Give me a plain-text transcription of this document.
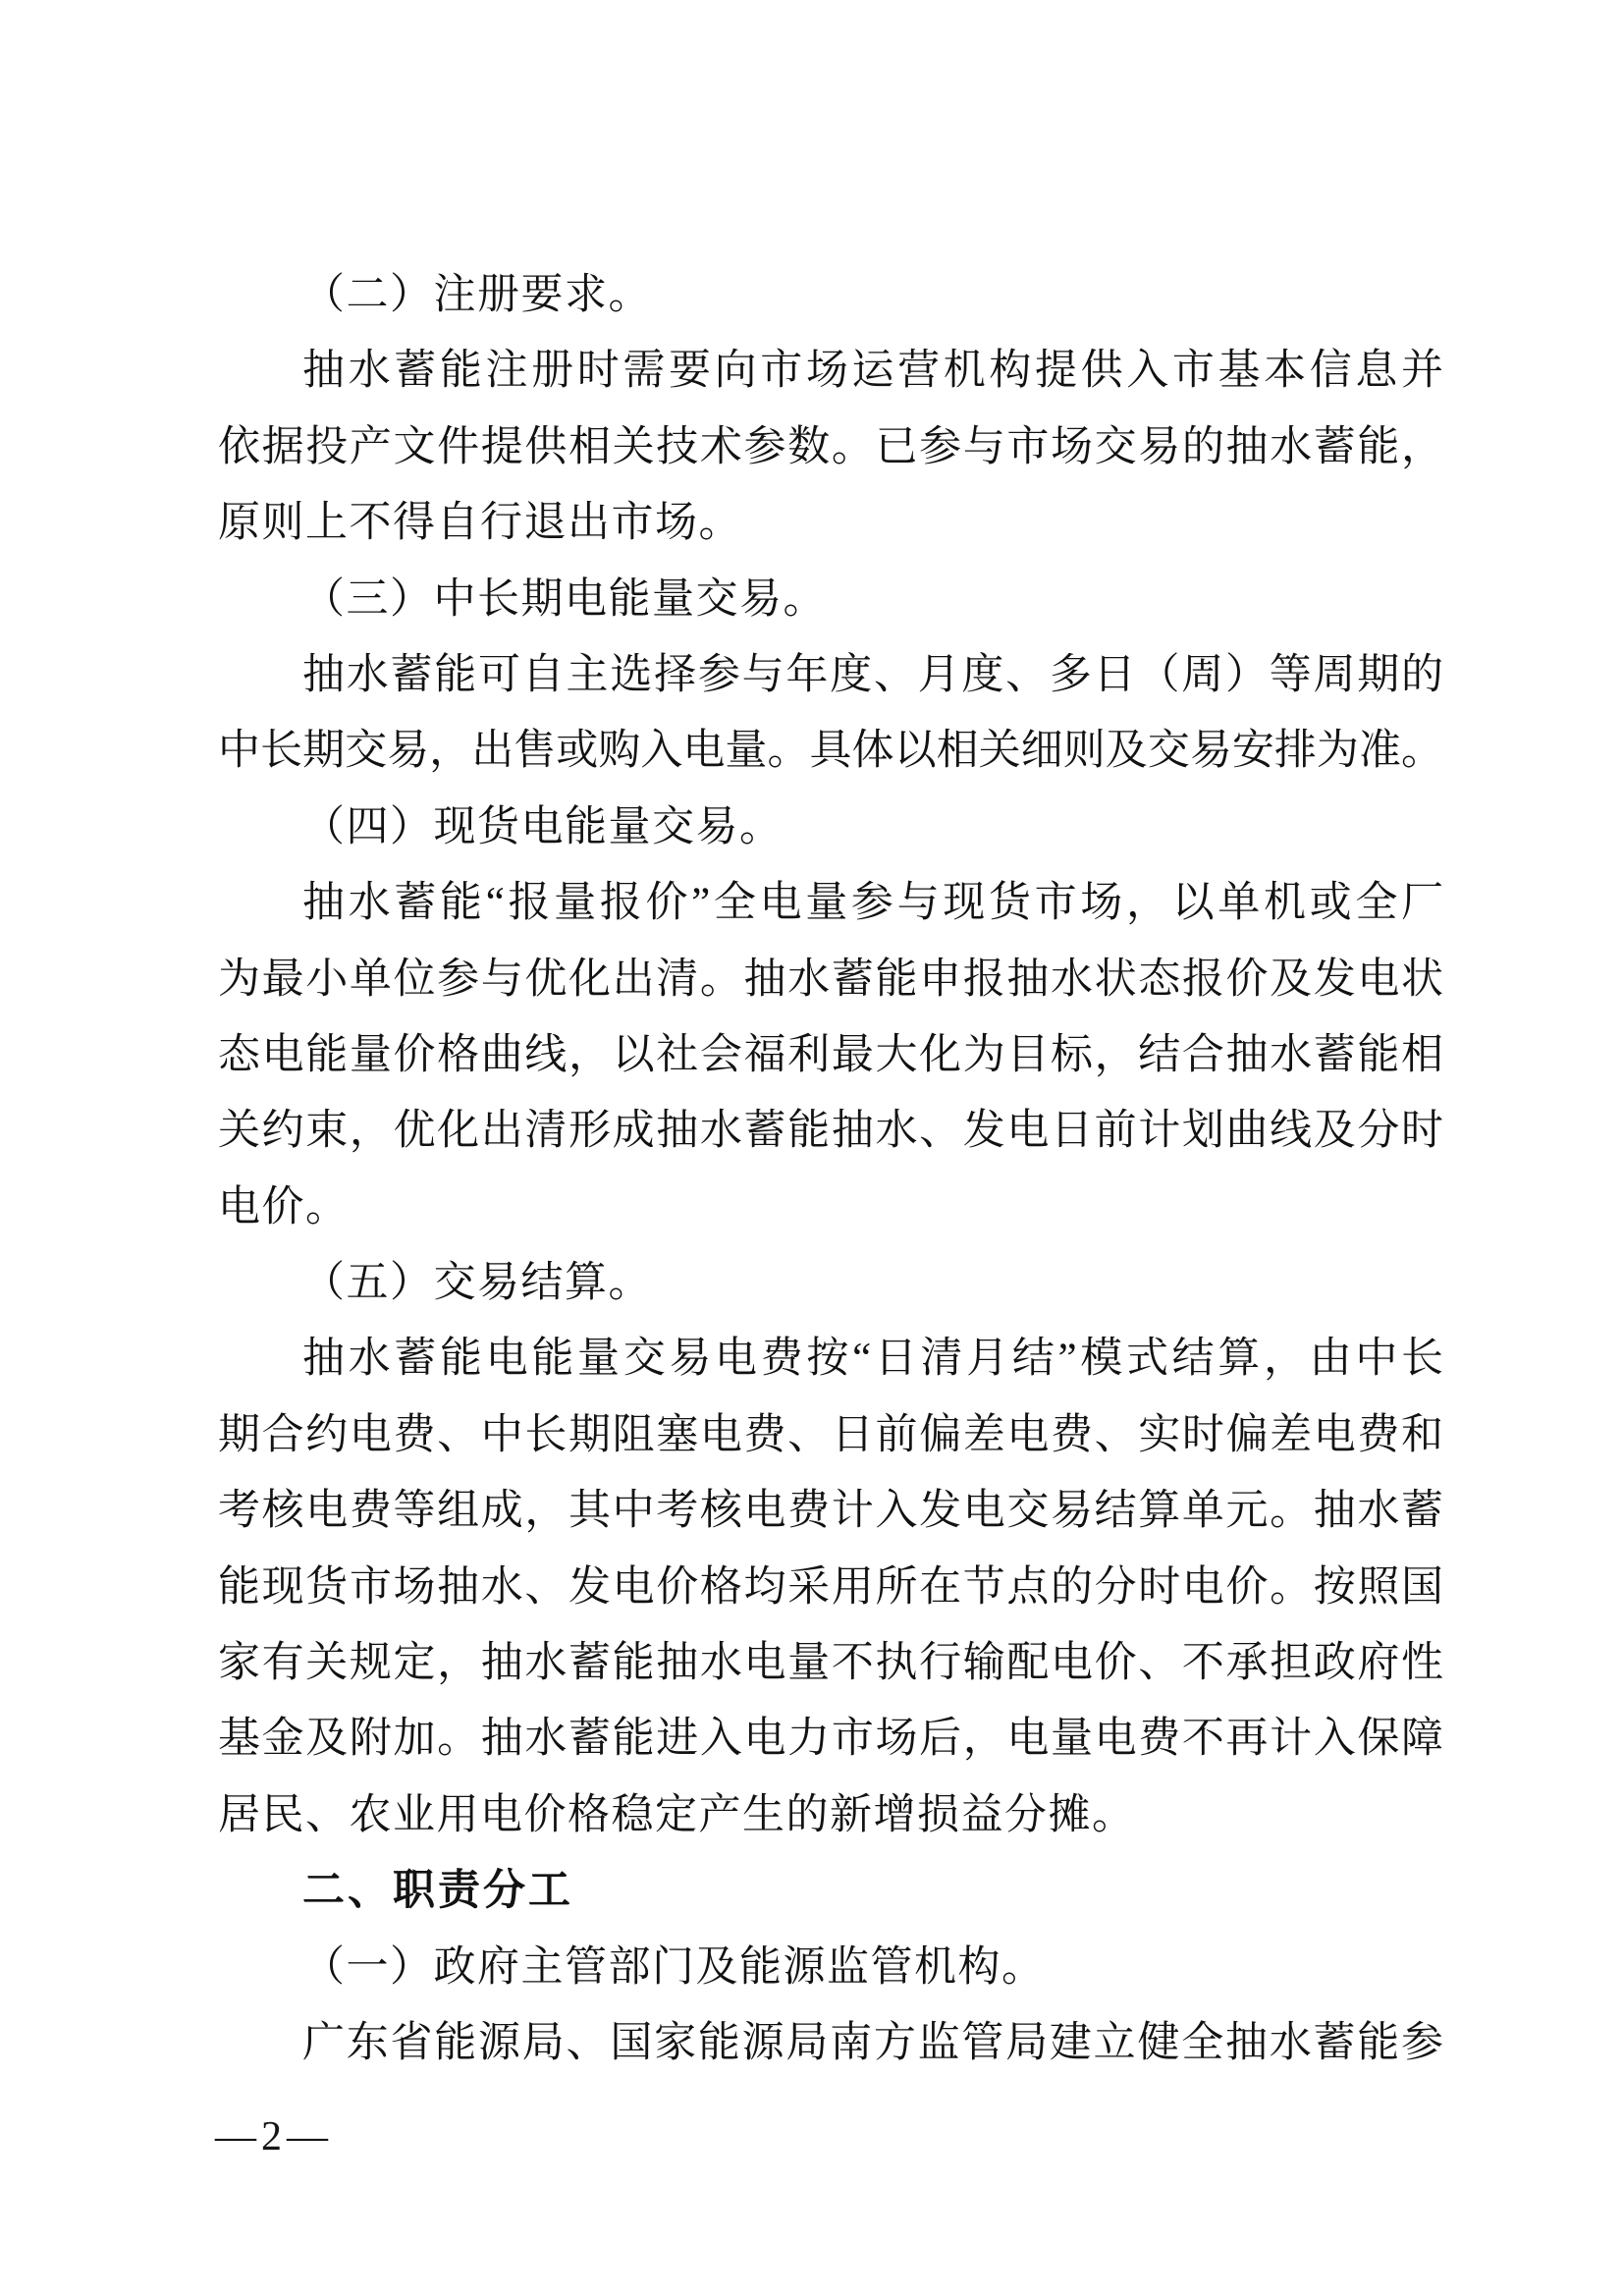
（二）注册要求。
抽水蓄能注册时需要向市场运营机构提供入市基本信息并
依据投产文件提供相关技术参数。已参与市场交易的抽水蓄能，
原则上不得自行退出市场。
（三）中长期电能量交易。
抽水蓄能可自主选择参与年度、月度、多日（周）等周期的
中长期交易，出售或购入电量。具体以相关细则及交易安排为准。
（四）现货电能量交易。
抽水蓄能“报量报价”全电量参与现货市场，以单机或全厂
为最小单位参与优化出清。抽水蓄能申报抽水状态报价及发电状
态电能量价格曲线，以社会福利最大化为目标，结合抽水蓄能相
关约束，优化出清形成抽水蓄能抽水、发电日前计划曲线及分时
电价。
（五）交易结算。
抽水蓄能电能量交易电费按“日清月结”模式结算，由中长
期合约电费、中长期阻塞电费、日前偏差电费、实时偏差电费和
考核电费等组成，其中考核电费计入发电交易结算单元。抽水蓄
能现货市场抽水、发电价格均采用所在节点的分时电价。按照国
家有关规定，抽水蓄能抽水电量不执行输配电价、不承担政府性
基金及附加。抽水蓄能进入电力市场后，电量电费不再计入保障
居民、农业用电价格稳定产生的新增损益分摊。
二、职责分工
（一）政府主管部门及能源监管机构。
广东省能源局、国家能源局南方监管局建立健全抽水蓄能参
—2—
